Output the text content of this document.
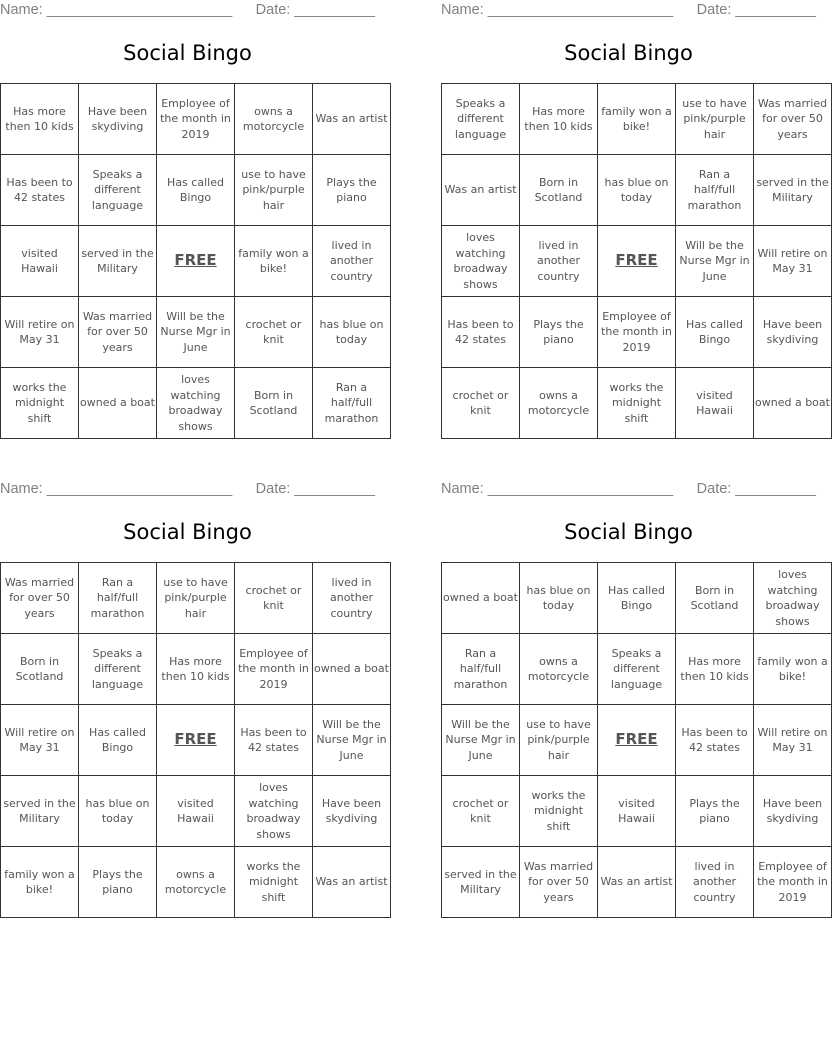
Name: _______________________ Date: __________
Social Bingo
Has more then 10 kids	Have been skydiving	Employee of the month in 2019	owns a motorcycle	Was an artist
Has been to 42 states	Speaks a different language	Has called Bingo	use to have pink/purple hair	Plays the piano
visited Hawaii	served in the Military	FREE	family won a bike!	lived in another country
Will retire on May 31	Was married for over 50 years	Will be the Nurse Mgr in June	crochet or knit	has blue on today
works the midnight shift	owned a boat	loves watching broadway shows	Born in Scotland	Ran a half/full marathon
Name: _______________________ Date: __________
Social Bingo
Speaks a different language	Has more then 10 kids	family won a bike!	use to have pink/purple hair	Was married for over 50 years
Was an artist	Born in Scotland	has blue on today	Ran a half/full marathon	served in the Military
loves watching broadway shows	lived in another country	FREE	Will be the Nurse Mgr in June	Will retire on May 31
Has been to 42 states	Plays the piano	Employee of the month in 2019	Has called Bingo	Have been skydiving
crochet or knit	owns a motorcycle	works the midnight shift	visited Hawaii	owned a boat
Name: _______________________ Date: __________
Social Bingo
Was married for over 50 years	Ran a half/full marathon	use to have pink/purple hair	crochet or knit	lived in another country
Born in Scotland	Speaks a different language	Has more then 10 kids	Employee of the month in 2019	owned a boat
Will retire on May 31	Has called Bingo	FREE	Has been to 42 states	Will be the Nurse Mgr in June
served in the Military	has blue on today	visited Hawaii	loves watching broadway shows	Have been skydiving
family won a bike!	Plays the piano	owns a motorcycle	works the midnight shift	Was an artist
Name: _______________________ Date: __________
Social Bingo
owned a boat	has blue on today	Has called Bingo	Born in Scotland	loves watching broadway shows
Ran a half/full marathon	owns a motorcycle	Speaks a different language	Has more then 10 kids	family won a bike!
Will be the Nurse Mgr in June	use to have pink/purple hair	FREE	Has been to 42 states	Will retire on May 31
crochet or knit	works the midnight shift	visited Hawaii	Plays the piano	Have been skydiving
served in the Military	Was married for over 50 years	Was an artist	lived in another country	Employee of the month in 2019
